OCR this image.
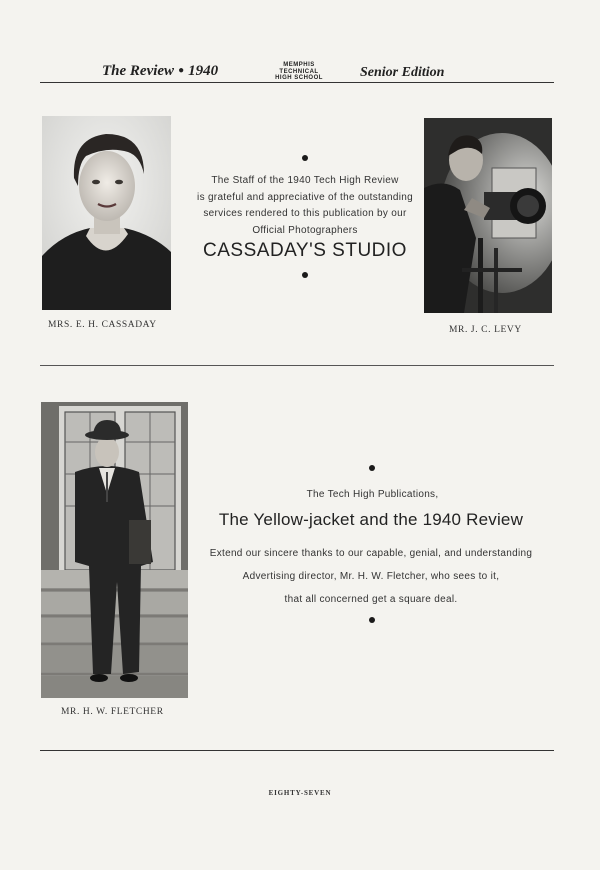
The Review ● 1940	MEMPHIS
TECHNICAL
HIGH SCHOOL	Senior Edition
MRS. E. H. CASSADAY	MR. J. C. LEVY
The Staff of the 1940 Tech High Review
is grateful and appreciative of the outstanding
services rendered to this publication by our
Official Photographers
CASSADAY'S STUDIO
MR. H. W. FLETCHER
The Tech High Publications,
The Yellow-jacket and the 1940 Review
Extend our sincere thanks to our capable, genial, and understanding
Advertising director, Mr. H. W. Fletcher, who sees to it,
that all concerned get a square deal.
EIGHTY-SEVEN
